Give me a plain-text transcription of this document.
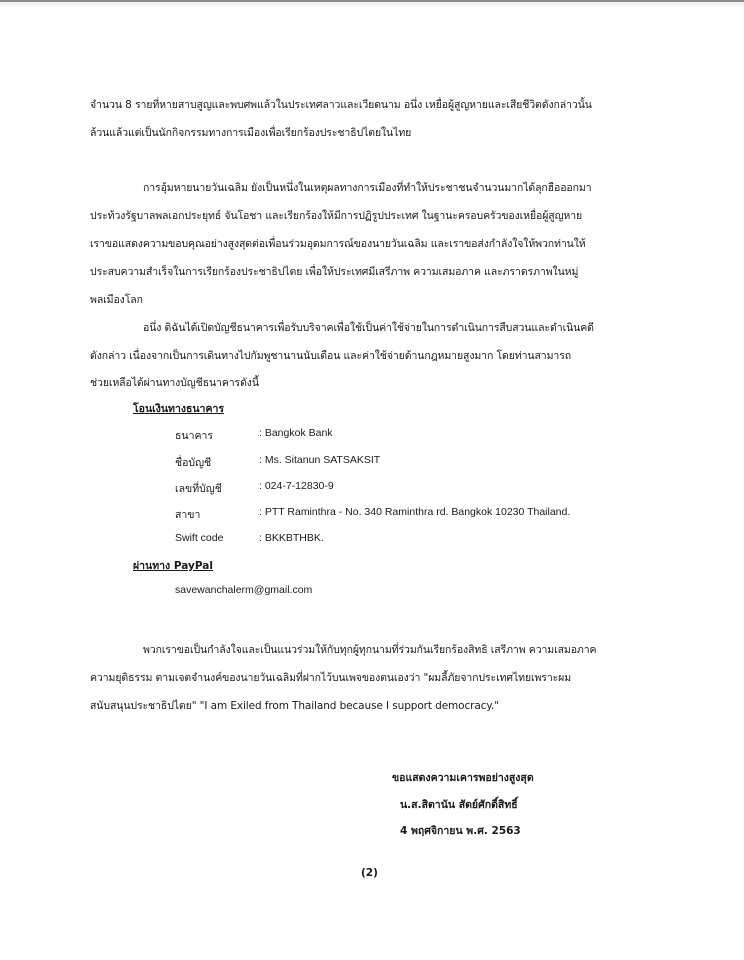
จำนวน 8 รายที่หายสาบสูญและพบศพแล้วในประเทศลาวและเวียดนาม อนึ่ง เหยื่อผู้สูญหายและเสียชีวิตดังกล่าวนั้น
ล้วนแล้วแต่เป็นนักกิจกรรมทางการเมืองเพื่อเรียกร้องประชาธิปไตยในไทย
การอุ้มหายนายวันเฉลิม ยังเป็นหนึ่งในเหตุผลทางการเมืองที่ทำให้ประชาชนจำนวนมากได้ลุกฮือออกมา
ประท้วงรัฐบาลพลเอกประยุทธ์ จันโอชา และเรียกร้องให้มีการปฏิรูปประเทศ ในฐานะครอบครัวของเหยื่อผู้สูญหาย
เราขอแสดงความขอบคุณอย่างสูงสุดต่อเพื่อนร่วมอุดมการณ์ของนายวันเฉลิม และเราขอส่งกำลังใจให้พวกท่านให้
ประสบความสำเร็จในการเรียกร้องประชาธิปไตย เพื่อให้ประเทศมีเสรีภาพ ความเสมอภาค และภราดรภาพในหมู่
พลเมืองโลก
อนึ่ง ดิฉันได้เปิดบัญชีธนาคารเพื่อรับบริจาคเพื่อใช้เป็นค่าใช้จ่ายในการดำเนินการสืบสวนและดำเนินคดี
ดังกล่าว เนื่องจากเป็นการเดินทางไปกัมพูชานานนับเดือน และค่าใช้จ่ายด้านกฎหมายสูงมาก โดยท่านสามารถ
ช่วยเหลือได้ผ่านทางบัญชีธนาคารดังนี้
โอนเงินทางธนาคาร
ธนาคาร	: Bangkok Bank
ชื่อบัญชี	: Ms. Sitanun SATSAKSIT
เลขที่บัญชี	: 024-7-12830-9
สาขา	: PTT Raminthra - No. 340 Raminthra rd. Bangkok 10230 Thailand.
Swift code	: BKKBTHBK.
ผ่านทาง PayPal
savewanchalerm@gmail.com
พวกเราขอเป็นกำลังใจและเป็นแนวร่วมให้กับทุกผู้ทุกนามที่ร่วมกันเรียกร้องสิทธิ เสรีภาพ ความเสมอภาค
ความยุติธรรม ตามเจตจำนงค์ของนายวันเฉลิมที่ฝากไว้บนเพจของตนเองว่า "ผมลี้ภัยจากประเทศไทยเพราะผม
สนับสนุนประชาธิปไตย" "I am Exiled from Thailand because I support democracy."
ขอแสดงความเคารพอย่างสูงสุด
น.ส.สิตานัน สัตย์ศักดิ์สิทธิ์
4 พฤศจิกายน พ.ศ. 2563
(2)
